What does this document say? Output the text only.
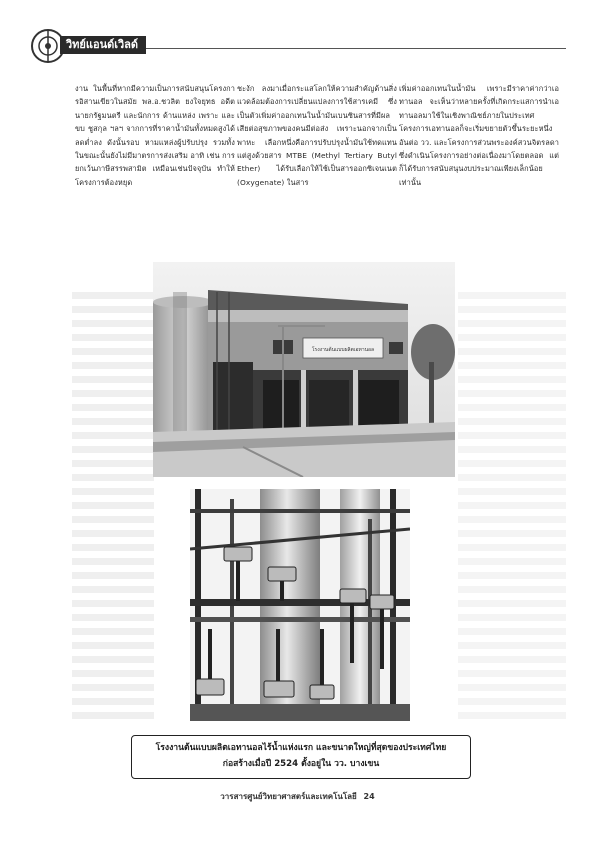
วิทย์แอนด์เวิลด์

งาน ในพื้นที่หากมีความเป็นการสนับสนุนโครงการอิสานเขียวในสมัย พล.อ.ชวลิต ยงใจยุทธ อดีตนายกรัฐมนตรี และนักการ ด้านแหล่ง เพราะ และ ขบ ชูสกุล ฯลฯ จากการที่ราคาน้ำมันทั้งหมดสูงได้ลดต่ำลง ดังนั้นรอบ หามแหล่งผู้ปรับปรุง รวมทั้งในขณะนั้นยังไม่มีมาตรการส่งเสริม อาทิ เช่น การยกเว้นภาษีสรรพสามิต เหมือนเช่นปัจจุบัน ทำให้โครงการต้องหยุด

ชะงัก ลงมาเมื่อกระแสโลกให้ความสำคัญด้านสิ่งแวดล้อมต้องการเปลี่ยนแปลงการใช้สารเคมี ซึ่งเป็นตัวเพิ่มค่าออกเทนในน้ำมันเบนซินสารที่มีผลเสียต่อสุขภาพของคนมีต่อส่ง เพราะนอกจากเป็นพาหะ เลือกหนึ่งคือการปรับปรุงน้ำมันใช้ทดแทน แต่สูงด้วยสาร MTBE (Methyl Tertiary Butyl Ether) ได้รับเลือกให้ใช้เป็นสารออกซิเจนเนต (Oxygenate) ในสาร

เพิ่มค่าออกเทนในน้ำมัน เพราะมีราคาค่ากว่าเอทานอล จะเห็นว่าหลายครั้งที่เกิดกระแสการนำเอทานอลมาใช้ในเชิงพาณิชย์ภายในประเทศ โครงการเอทานอลก็จะเริ่มขยายตัวขึ้นระยะหนึ่ง อันต่อ วว. และโครงการส่วนพระองค์สวนจิตรลดาซึ่งดำเนินโครงการอย่างต่อเนื่องมาโดยตลอด แต่ก็ได้รับการสนับสนุนงบประมาณเพียงเล็กน้อยเท่านั้น

โรงงานต้นแบบผลิตเอทานอล
โรงงานต้นแบบผลิตเอทานอลไร้น้ำแห่งแรก และขนาดใหญ่ที่สุดของประเทศไทย
ก่อสร้างเมื่อปี 2524 ตั้งอยู่ใน วว. บางเขน
วารสารศูนย์วิทยาศาสตร์และเทคโนโลยี 24
